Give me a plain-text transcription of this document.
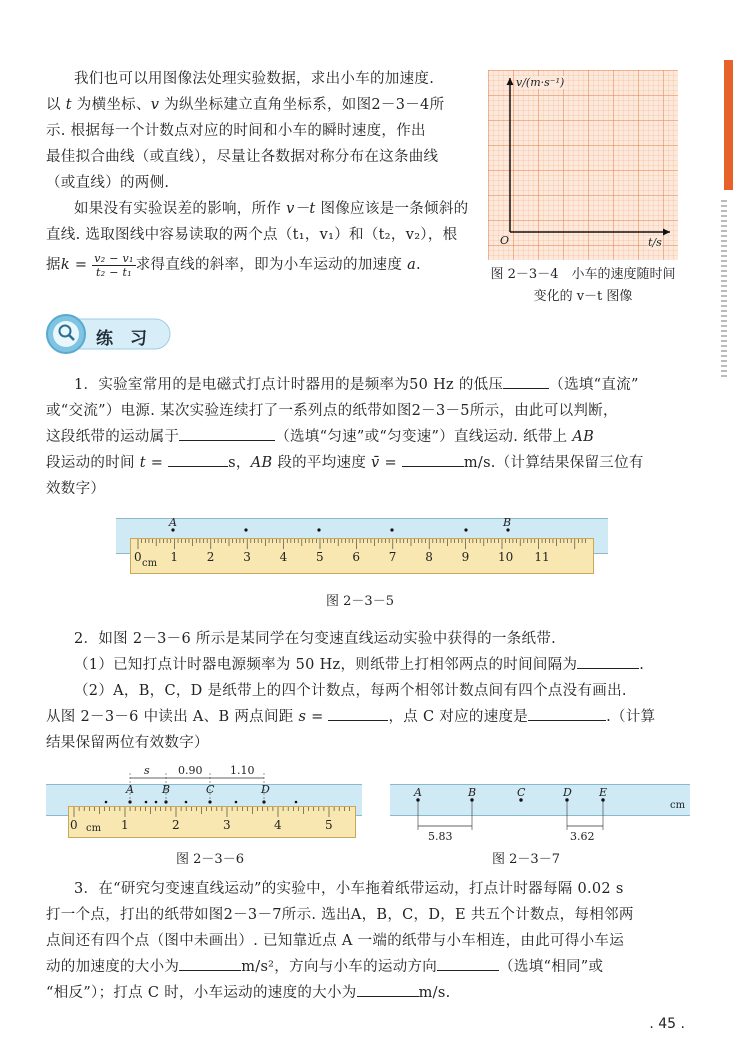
我们也可以用图像法处理实验数据，求出小车的加速度.
以 t 为横坐标、v 为纵坐标建立直角坐标系，如图2－3－4所
示. 根据每一个计数点对应的时间和小车的瞬时速度，作出
最佳拟合曲线（或直线），尽量让各数据对称分布在这条曲线
（或直线）的两侧.
如果没有实验误差的影响，所作 v－t 图像应该是一条倾斜的
直线. 选取图线中容易读取的两个点（t₁，v₁）和（t₂，v₂），根
据$k = \frac{\text{v₂ − v₁}}{\text{t₂ − t₁}}$ 求得直线的斜率，即为小车运动的加速度 a.
v/(m·s⁻¹)
t/s
O
图 2－3－4　小车的速度随时间
变化的 v－t 图像
练　习
1．实验室常用的是电磁式打点计时器用的是频率为50 Hz 的低压	（选填“直流”
或“交流”）电源. 某次实验连续打了一系列点的纸带如图2－3－5所示，由此可以判断，
这段纸带的运动属于	（选填“匀速”或“匀变速”）直线运动. 纸带上 AB
段运动的时间 t =	s，AB 段的平均速度 v̄ =	m/s.（计算结果保留三位有
效数字）
A	B
cm
0 1 2 3 4 5 6 7 8 9 10 11
图 2－3－5
2．如图 2－3－6 所示是某同学在匀变速直线运动实验中获得的一条纸带.
（1）已知打点计时器电源频率为 50 Hz，则纸带上打相邻两点的时间间隔为	.
（2）A，B，C，D 是纸带上的四个计数点，每两个相邻计数点间有四个点没有画出.
从图 2－3－6 中读出 A、B 两点间距 s =	，点 C 对应的速度是	.（计算
结果保留两位有效数字）
s	0.90	1.10
A	B	C	D
cm
0	1	2	3	4	5
图 2－3－6
A	B	C	D E
cm
5.83	3.62
图 2－3－7
3．在“研究匀变速直线运动”的实验中，小车拖着纸带运动，打点计时器每隔 0.02 s
打一个点，打出的纸带如图2－3－7所示. 选出A，B，C，D，E 共五个计数点，每相邻两
点间还有四个点（图中未画出）. 已知靠近点 A 一端的纸带与小车相连，由此可得小车运
动的加速度的大小为	m/s²，方向与小车的运动方向	（选填“相同”或
“相反”）；打点 C 时，小车运动的速度的大小为	m/s.
. 45 .
